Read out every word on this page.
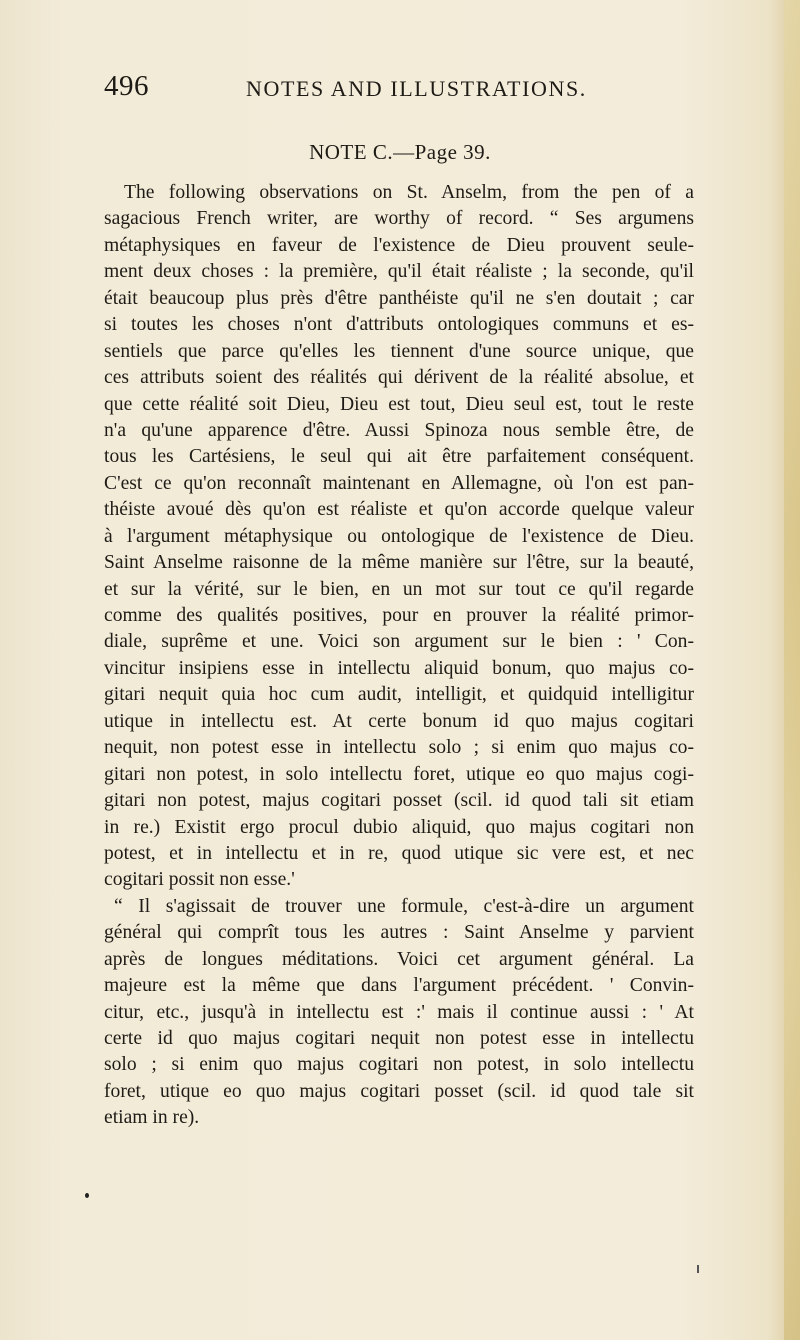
496	NOTES AND ILLUSTRATIONS.
NOTE C.—Page 39.
The following observations on St. Anselm, from the pen of a
sagacious French writer, are worthy of record. “ Ses argumens
métaphysiques en faveur de l'existence de Dieu prouvent seule-
ment deux choses : la première, qu'il était réaliste ; la seconde, qu'il
était beaucoup plus près d'être panthéiste qu'il ne s'en doutait ; car
si toutes les choses n'ont d'attributs ontologiques communs et es-
sentiels que parce qu'elles les tiennent d'une source unique, que
ces attributs soient des réalités qui dérivent de la réalité absolue, et
que cette réalité soit Dieu, Dieu est tout, Dieu seul est, tout le reste
n'a qu'une apparence d'être. Aussi Spinoza nous semble être, de
tous les Cartésiens, le seul qui ait être parfaitement conséquent.
C'est ce qu'on reconnaît maintenant en Allemagne, où l'on est pan-
théiste avoué dès qu'on est réaliste et qu'on accorde quelque valeur
à l'argument métaphysique ou ontologique de l'existence de Dieu.
Saint Anselme raisonne de la même manière sur l'être, sur la beauté,
et sur la vérité, sur le bien, en un mot sur tout ce qu'il regarde
comme des qualités positives, pour en prouver la réalité primor-
diale, suprême et une. Voici son argument sur le bien : ' Con-
vincitur insipiens esse in intellectu aliquid bonum, quo majus co-
gitari nequit quia hoc cum audit, intelligit, et quidquid intelligitur
utique in intellectu est. At certe bonum id quo majus cogitari
nequit, non potest esse in intellectu solo ; si enim quo majus co-
gitari non potest, in solo intellectu foret, utique eo quo majus cogi-
gitari non potest, majus cogitari posset (scil. id quod tali sit etiam
in re.) Existit ergo procul dubio aliquid, quo majus cogitari non
potest, et in intellectu et in re, quod utique sic vere est, et nec
cogitari possit non esse.'
“ Il s'agissait de trouver une formule, c'est-à-dire un argument
général qui comprît tous les autres : Saint Anselme y parvient
après de longues méditations. Voici cet argument général. La
majeure est la même que dans l'argument précédent. ' Convin-
citur, etc., jusqu'à in intellectu est :' mais il continue aussi : ' At
certe id quo majus cogitari nequit non potest esse in intellectu
solo ; si enim quo majus cogitari non potest, in solo intellectu
foret, utique eo quo majus cogitari posset (scil. id quod tale sit
etiam in re).
